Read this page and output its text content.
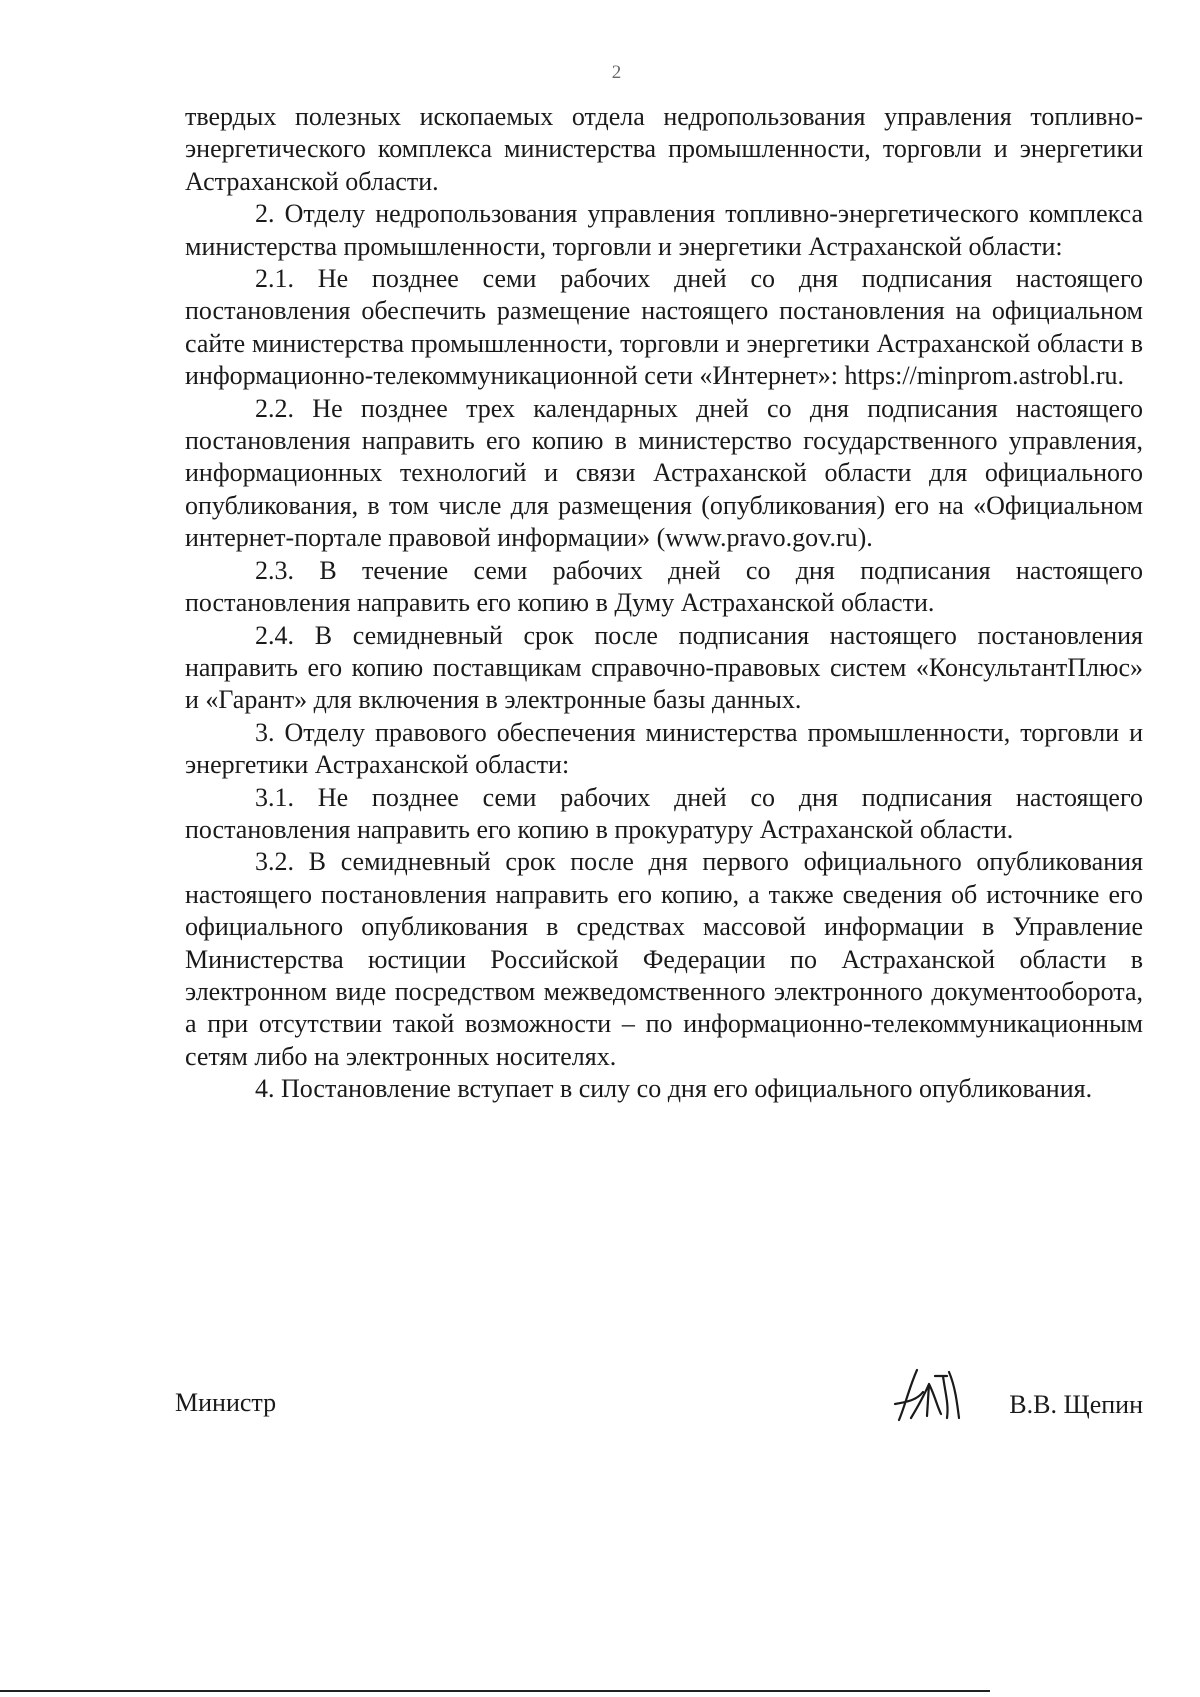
2

твердых полезных ископаемых отдела недропользования управления топливно-энергетического комплекса министерства промышленности, торговли и энергетики Астраханской области.

2. Отделу недропользования управления топливно-энергетического комплекса министерства промышленности, торговли и энергетики Астраханской области:

2.1. Не позднее семи рабочих дней со дня подписания настоящего постановления обеспечить размещение настоящего постановления на официальном сайте министерства промышленности, торговли и энергетики Астраханской области в информационно-телекоммуникационной сети «Интернет»: https://minprom.astrobl.ru.

2.2. Не позднее трех календарных дней со дня подписания настоящего постановления направить его копию в министерство государственного управления, информационных технологий и связи Астраханской области для официального опубликования, в том числе для размещения (опубликования) его на «Официальном интернет-портале правовой информации» (www.pravo.gov.ru).

2.3. В течение семи рабочих дней со дня подписания настоящего постановления направить его копию в Думу Астраханской области.

2.4. В семидневный срок после подписания настоящего постановления направить его копию поставщикам справочно-правовых систем «КонсультантПлюс» и «Гарант» для включения в электронные базы данных.

3. Отделу правового обеспечения министерства промышленности, торговли и энергетики Астраханской области:

3.1. Не позднее семи рабочих дней со дня подписания настоящего постановления направить его копию в прокуратуру Астраханской области.

3.2. В семидневный срок после дня первого официального опубликования настоящего постановления направить его копию, а также сведения об источнике его официального опубликования в средствах массовой информации в Управление Министерства юстиции Российской Федерации по Астраханской области в электронном виде посредством межведомственного электронного документооборота, а при отсутствии такой возможности – по информационно-телекоммуникационным сетям либо на электронных носителях.

4. Постановление вступает в силу со дня его официального опубликования.

Министр	В.В. Щепин
